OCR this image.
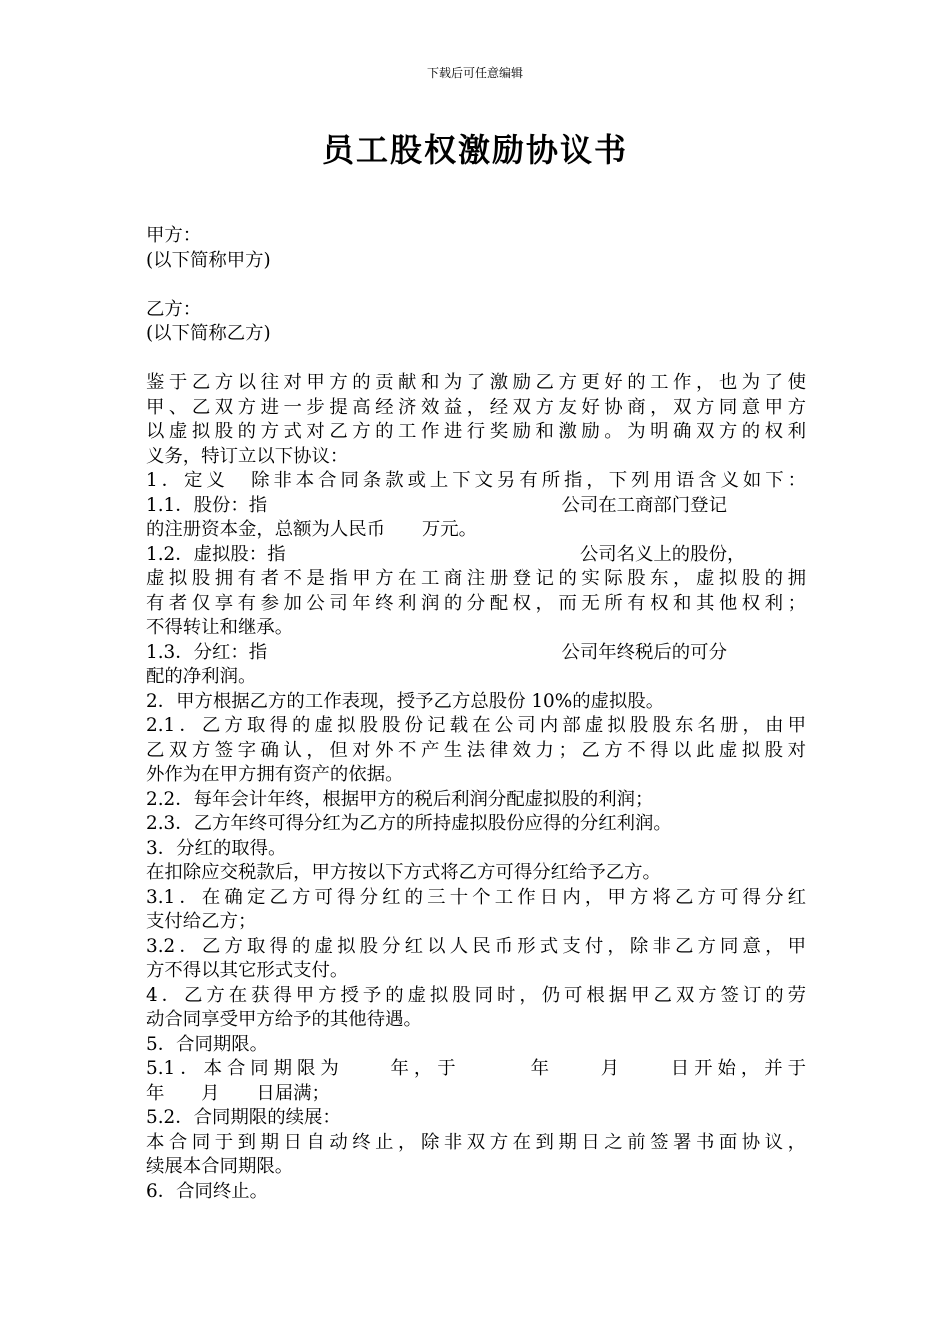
下载后可任意编辑
员工股权激励协议书
甲方：
(以下简称甲方)
乙方：
(以下简称乙方)
鉴于乙方以往对甲方的贡献和为了激励乙方更好的工作，也为了使
甲、乙双方进一步提高经济效益，经双方友好协商，双方同意甲方
以虚拟股的方式对乙方的工作进行奖励和激励。为明确双方的权利
义务，特订立以下协议：
1．定义　除非本合同条款或上下文另有所指，下列用语含义如下：
1.1．股份：指　　　　　　　　　　　　　　　　公司在工商部门登记
的注册资本金，总额为人民币　　万元。
1.2．虚拟股：指　　　　　　　　　　　　　　　　公司名义上的股份，
虚拟股拥有者不是指甲方在工商注册登记的实际股东，虚拟股的拥
有者仅享有参加公司年终利润的分配权，而无所有权和其他权利；
不得转让和继承。
1.3．分红：指　　　　　　　　　　　　　　　　公司年终税后的可分
配的净利润。
2．甲方根据乙方的工作表现，授予乙方总股份 10%的虚拟股。
2.1．乙方取得的虚拟股股份记载在公司内部虚拟股股东名册，由甲
乙双方签字确认，但对外不产生法律效力；乙方不得以此虚拟股对
外作为在甲方拥有资产的依据。
2.2．每年会计年终，根据甲方的税后利润分配虚拟股的利润；
2.3．乙方年终可得分红为乙方的所持虚拟股份应得的分红利润。
3．分红的取得。
在扣除应交税款后，甲方按以下方式将乙方可得分红给予乙方。
3.1．在确定乙方可得分红的三十个工作日内，甲方将乙方可得分红
支付给乙方；
3.2．乙方取得的虚拟股分红以人民币形式支付，除非乙方同意，甲
方不得以其它形式支付。
4．乙方在获得甲方授予的虚拟股同时，仍可根据甲乙双方签订的劳
动合同享受甲方给予的其他待遇。
5．合同期限。
5.1．本合同期限为　　年，于　　　年　　月　　日开始，并于
年　　月　　日届满；
5.2．合同期限的续展：
本合同于到期日自动终止，除非双方在到期日之前签署书面协议，
续展本合同期限。
6．合同终止。
